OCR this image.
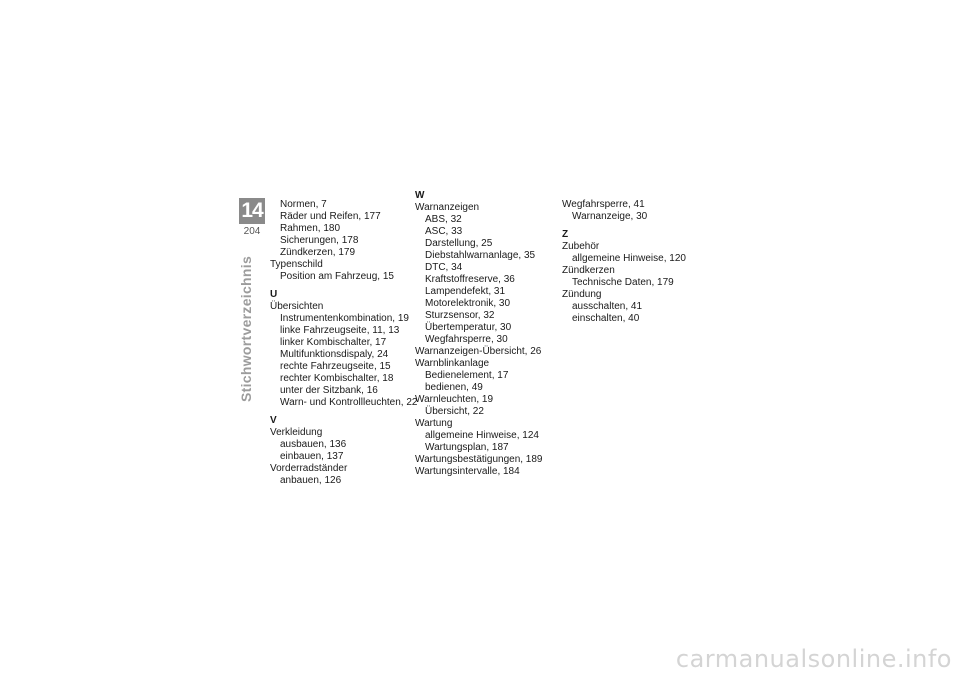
14
204
Stichwortverzeichnis
Normen, 7
Räder und Reifen, 177
Rahmen, 180
Sicherungen, 178
Zündkerzen, 179
Typenschild
Position am Fahrzeug, 15
U
Übersichten
Instrumentenkombination, 19
linke Fahrzeugseite, 11, 13
linker Kombischalter, 17
Multifunktionsdispaly, 24
rechte Fahrzeugseite, 15
rechter Kombischalter, 18
unter der Sitzbank, 16
Warn- und Kontrollleuchten, 22
V
Verkleidung
ausbauen, 136
einbauen, 137
Vorderradständer
anbauen, 126
W
Warnanzeigen
ABS, 32
ASC, 33
Darstellung, 25
Diebstahlwarnanlage, 35
DTC, 34
Kraftstoffreserve, 36
Lampendefekt, 31
Motorelektronik, 30
Sturzsensor, 32
Übertemperatur, 30
Wegfahrsperre, 30
Warnanzeigen-Übersicht, 26
Warnblinkanlage
Bedienelement, 17
bedienen, 49
Warnleuchten, 19
Übersicht, 22
Wartung
allgemeine Hinweise, 124
Wartungsplan, 187
Wartungsbestätigungen, 189
Wartungsintervalle, 184
Wegfahrsperre, 41
Warnanzeige, 30
Z
Zubehör
allgemeine Hinweise, 120
Zündkerzen
Technische Daten, 179
Zündung
ausschalten, 41
einschalten, 40
carmanualsonline.info
